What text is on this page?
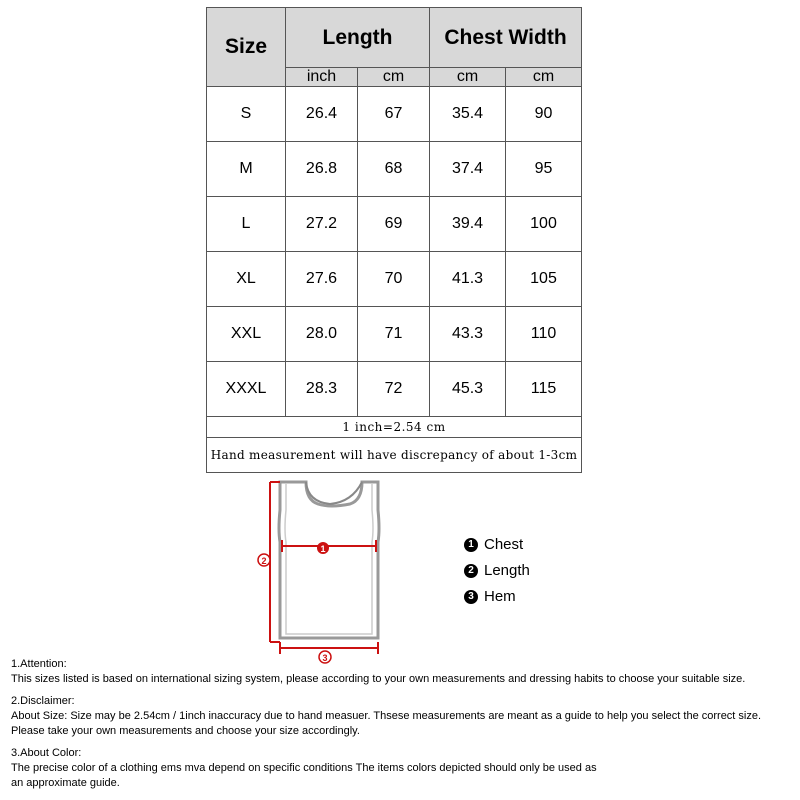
Size	Length		Chest Width	
	inch	cm	cm	cm
S	26.4	67	35.4	90
M	26.8	68	37.4	95
L	27.2	69	39.4	100
XL	27.6	70	41.3	105
XXL	28.0	71	43.3	110
XXXL	28.3	72	45.3	115
1 inch=2.54 cm				
Hand measurement will have discrepancy of about 1-3cm				
1
2
3
1 Chest
2 Length
3 Hem

1.Attention:

This sizes listed is based on international sizing system, please according to your own measurements and dressing habits to choose your suitable size.

2.Disclaimer:

About Size: Size may be 2.54cm / 1inch inaccuracy due to hand measuer. Thsese measurements are meant as a guide to help you select the correct size.

Please take your own measurements and choose your size accordingly.

3.About Color:

The precise color of a clothing ems mva depend on specific conditions The items colors depicted should only be used as

an approximate guide.
